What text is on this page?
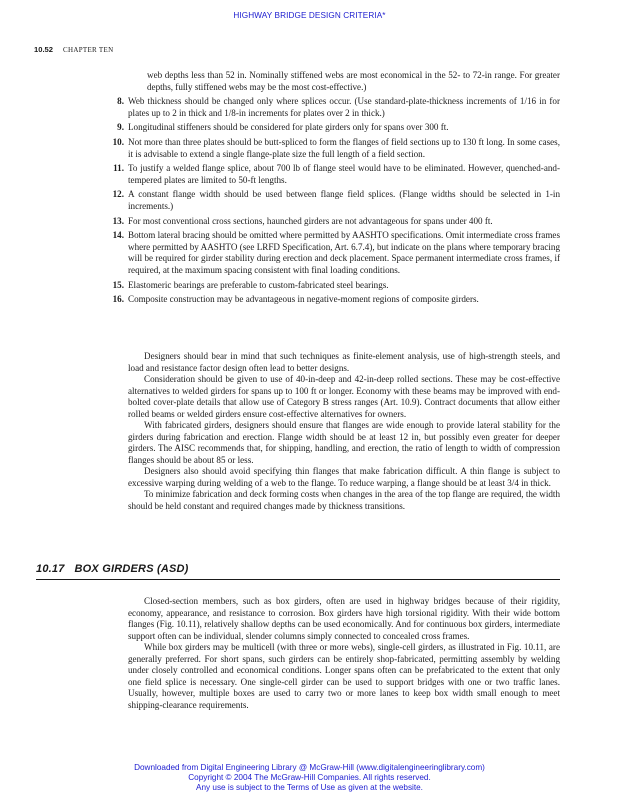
HIGHWAY BRIDGE DESIGN CRITERIA*
10.52 CHAPTER TEN
web depths less than 52 in. Nominally stiffened webs are most economical in the 52- to 72-in range. For greater depths, fully stiffened webs may be the most cost-effective.)
8. Web thickness should be changed only where splices occur. (Use standard-plate-thickness increments of 1/16 in for plates up to 2 in thick and 1/8-in increments for plates over 2 in thick.)
9. Longitudinal stiffeners should be considered for plate girders only for spans over 300 ft.
10. Not more than three plates should be butt-spliced to form the flanges of field sections up to 130 ft long. In some cases, it is advisable to extend a single flange-plate size the full length of a field section.
11. To justify a welded flange splice, about 700 lb of flange steel would have to be eliminated. However, quenched-and-tempered plates are limited to 50-ft lengths.
12. A constant flange width should be used between flange field splices. (Flange widths should be selected in 1-in increments.)
13. For most conventional cross sections, haunched girders are not advantageous for spans under 400 ft.
14. Bottom lateral bracing should be omitted where permitted by AASHTO specifications. Omit intermediate cross frames where permitted by AASHTO (see LRFD Specification, Art. 6.7.4), but indicate on the plans where temporary bracing will be required for girder stability during erection and deck placement. Space permanent intermediate cross frames, if required, at the maximum spacing consistent with final loading conditions.
15. Elastomeric bearings are preferable to custom-fabricated steel bearings.
16. Composite construction may be advantageous in negative-moment regions of composite girders.

Designers should bear in mind that such techniques as finite-element analysis, use of high-strength steels, and load and resistance factor design often lead to better designs.

Consideration should be given to use of 40-in-deep and 42-in-deep rolled sections. These may be cost-effective alternatives to welded girders for spans up to 100 ft or longer. Economy with these beams may be improved with end-bolted cover-plate details that allow use of Category B stress ranges (Art. 10.9). Contract documents that allow either rolled beams or welded girders ensure cost-effective alternatives for owners.

With fabricated girders, designers should ensure that flanges are wide enough to provide lateral stability for the girders during fabrication and erection. Flange width should be at least 12 in, but possibly even greater for deeper girders. The AISC recommends that, for shipping, handling, and erection, the ratio of length to width of compression flanges should be about 85 or less.

Designers also should avoid specifying thin flanges that make fabrication difficult. A thin flange is subject to excessive warping during welding of a web to the flange. To reduce warping, a flange should be at least 3/4 in thick.

To minimize fabrication and deck forming costs when changes in the area of the top flange are required, the width should be held constant and required changes made by thickness transitions.

10.17 BOX GIRDERS (ASD)

Closed-section members, such as box girders, often are used in highway bridges because of their rigidity, economy, appearance, and resistance to corrosion. Box girders have high torsional rigidity. With their wide bottom flanges (Fig. 10.11), relatively shallow depths can be used economically. And for continuous box girders, intermediate support often can be individual, slender columns simply connected to concealed cross frames.

While box girders may be multicell (with three or more webs), single-cell girders, as illustrated in Fig. 10.11, are generally preferred. For short spans, such girders can be entirely shop-fabricated, permitting assembly by welding under closely controlled and economical conditions. Longer spans often can be prefabricated to the extent that only one field splice is necessary. One single-cell girder can be used to support bridges with one or two traffic lanes. Usually, however, multiple boxes are used to carry two or more lanes to keep box width small enough to meet shipping-clearance requirements.

Downloaded from Digital Engineering Library @ McGraw-Hill (www.digitalengineeringlibrary.com)
Copyright © 2004 The McGraw-Hill Companies. All rights reserved.
Any use is subject to the Terms of Use as given at the website.
